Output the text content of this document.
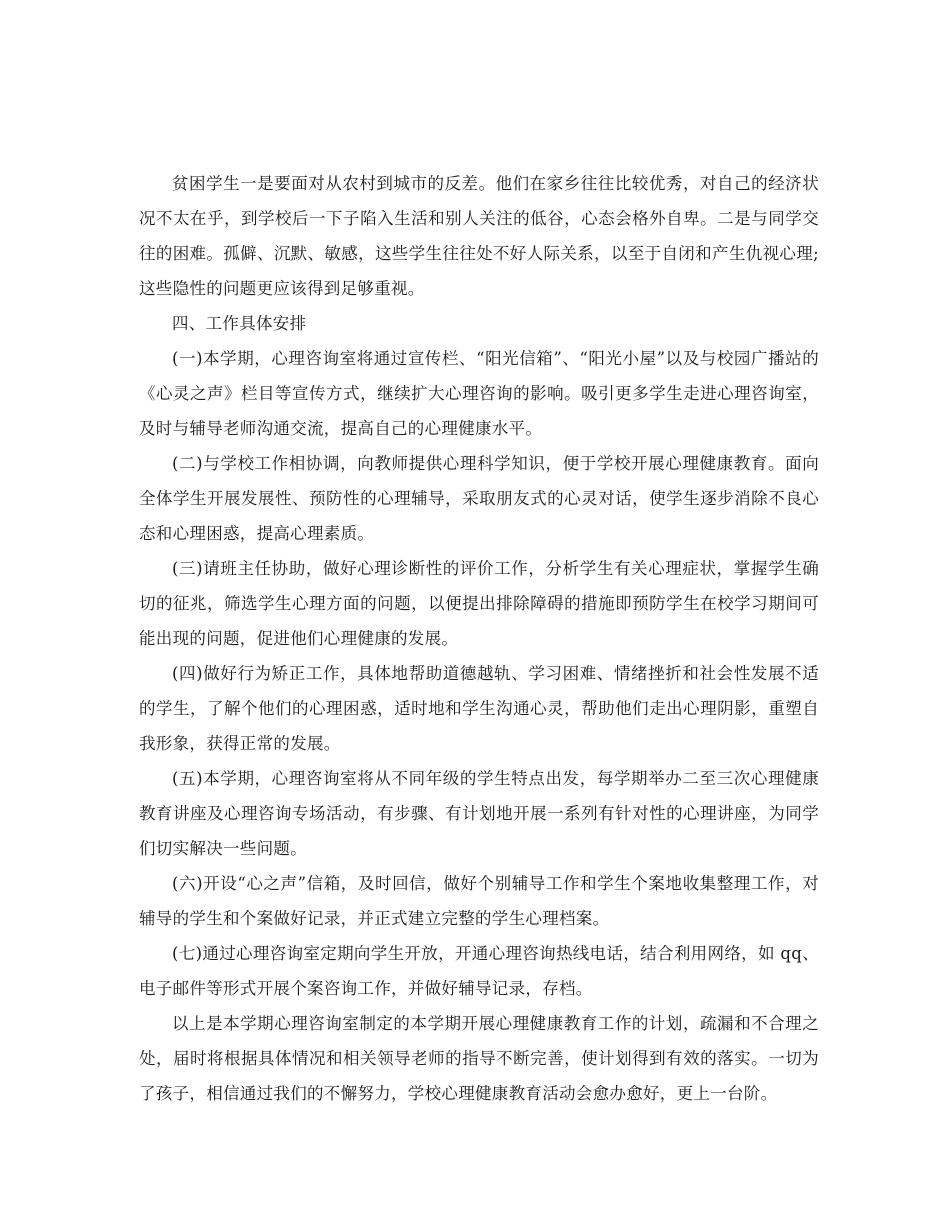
贫困学生一是要面对从农村到城市的反差。他们在家乡往往比较优秀，对自己的经济状况不太在乎，到学校后一下子陷入生活和别人关注的低谷，心态会格外自卑。二是与同学交往的困难。孤僻、沉默、敏感，这些学生往往处不好人际关系，以至于自闭和产生仇视心理;这些隐性的问题更应该得到足够重视。

四、工作具体安排

(一)本学期，心理咨询室将通过宣传栏、“阳光信箱”、“阳光小屋”以及与校园广播站的《心灵之声》栏目等宣传方式，继续扩大心理咨询的影响。吸引更多学生走进心理咨询室，及时与辅导老师沟通交流，提高自己的心理健康水平。

(二)与学校工作相协调，向教师提供心理科学知识，便于学校开展心理健康教育。面向全体学生开展发展性、预防性的心理辅导，采取朋友式的心灵对话，使学生逐步消除不良心态和心理困惑，提高心理素质。

(三)请班主任协助，做好心理诊断性的评价工作，分析学生有关心理症状，掌握学生确切的征兆，筛选学生心理方面的问题，以便提出排除障碍的措施即预防学生在校学习期间可能出现的问题，促进他们心理健康的发展。

(四)做好行为矫正工作，具体地帮助道德越轨、学习困难、情绪挫折和社会性发展不适的学生，了解个他们的心理困惑，适时地和学生沟通心灵，帮助他们走出心理阴影，重塑自我形象，获得正常的发展。

(五)本学期，心理咨询室将从不同年级的学生特点出发，每学期举办二至三次心理健康教育讲座及心理咨询专场活动，有步骤、有计划地开展一系列有针对性的心理讲座，为同学们切实解决一些问题。

(六)开设“心之声”信箱，及时回信，做好个别辅导工作和学生个案地收集整理工作，对辅导的学生和个案做好记录，并正式建立完整的学生心理档案。

(七)通过心理咨询室定期向学生开放，开通心理咨询热线电话，结合利用网络，如 qq、电子邮件等形式开展个案咨询工作，并做好辅导记录，存档。

以上是本学期心理咨询室制定的本学期开展心理健康教育工作的计划，疏漏和不合理之处，届时将根据具体情况和相关领导老师的指导不断完善，使计划得到有效的落实。一切为了孩子，相信通过我们的不懈努力，学校心理健康教育活动会愈办愈好，更上一台阶。
